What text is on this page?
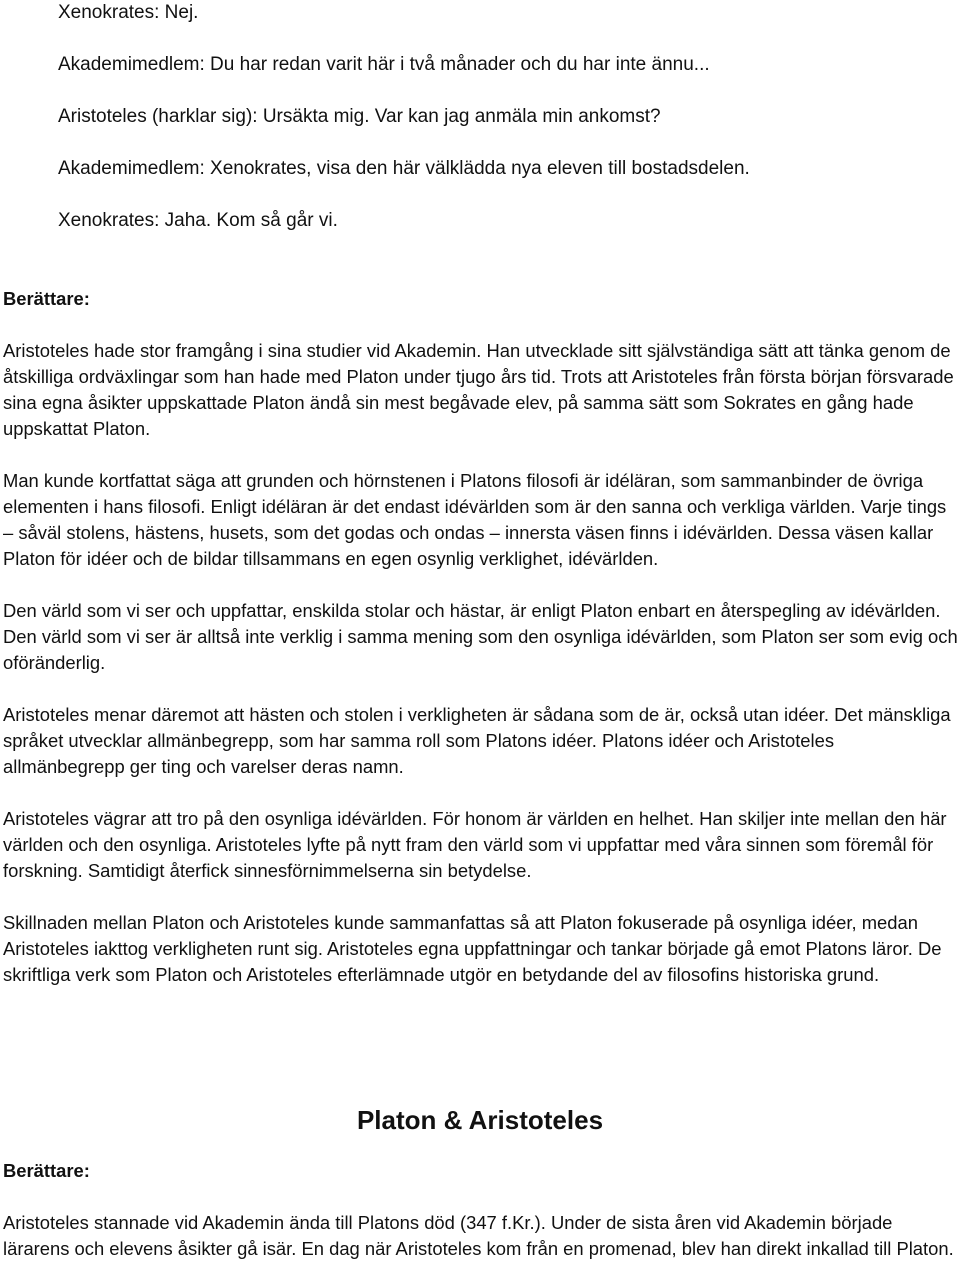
Xenokrates: Nej.

Akademimedlem: Du har redan varit här i två månader och du har inte ännu...

Aristoteles (harklar sig): Ursäkta mig. Var kan jag anmäla min ankomst?

Akademimedlem: Xenokrates, visa den här välklädda nya eleven till bostadsdelen.

Xenokrates: Jaha. Kom så går vi.

Berättare:

Aristoteles hade stor framgång i sina studier vid Akademin. Han utvecklade sitt självständiga sätt att tänka genom de åtskilliga ordväxlingar som han hade med Platon under tjugo års tid. Trots att Aristoteles från första början försvarade sina egna åsikter uppskattade Platon ändå sin mest begåvade elev, på samma sätt som Sokrates en gång hade uppskattat Platon.

Man kunde kortfattat säga att grunden och hörnstenen i Platons filosofi är idéläran, som sammanbinder de övriga elementen i hans filosofi. Enligt idéläran är det endast idévärlden som är den sanna och verkliga världen. Varje tings – såväl stolens, hästens, husets, som det godas och ondas – innersta väsen finns i idévärlden. Dessa väsen kallar Platon för idéer och de bildar tillsammans en egen osynlig verklighet, idévärlden.

Den värld som vi ser och uppfattar, enskilda stolar och hästar, är enligt Platon enbart en återspegling av idévärlden. Den värld som vi ser är alltså inte verklig i samma mening som den osynliga idévärlden, som Platon ser som evig och oföränderlig.

Aristoteles menar däremot att hästen och stolen i verkligheten är sådana som de är, också utan idéer. Det mänskliga språket utvecklar allmänbegrepp, som har samma roll som Platons idéer. Platons idéer och Aristoteles allmänbegrepp ger ting och varelser deras namn.

Aristoteles vägrar att tro på den osynliga idévärlden. För honom är världen en helhet. Han skiljer inte mellan den här världen och den osynliga. Aristoteles lyfte på nytt fram den värld som vi uppfattar med våra sinnen som föremål för forskning. Samtidigt återfick sinnesförnimmelserna sin betydelse.

Skillnaden mellan Platon och Aristoteles kunde sammanfattas så att Platon fokuserade på osynliga idéer, medan Aristoteles iakttog verkligheten runt sig. Aristoteles egna uppfattningar och tankar började gå emot Platons läror. De skriftliga verk som Platon och Aristoteles efterlämnade utgör en betydande del av filosofins historiska grund.

Platon & Aristoteles

Berättare:

Aristoteles stannade vid Akademin ända till Platons död (347 f.Kr.). Under de sista åren vid Akademin började lärarens och elevens åsikter gå isär. En dag när Aristoteles kom från en promenad, blev han direkt inkallad till Platon.
